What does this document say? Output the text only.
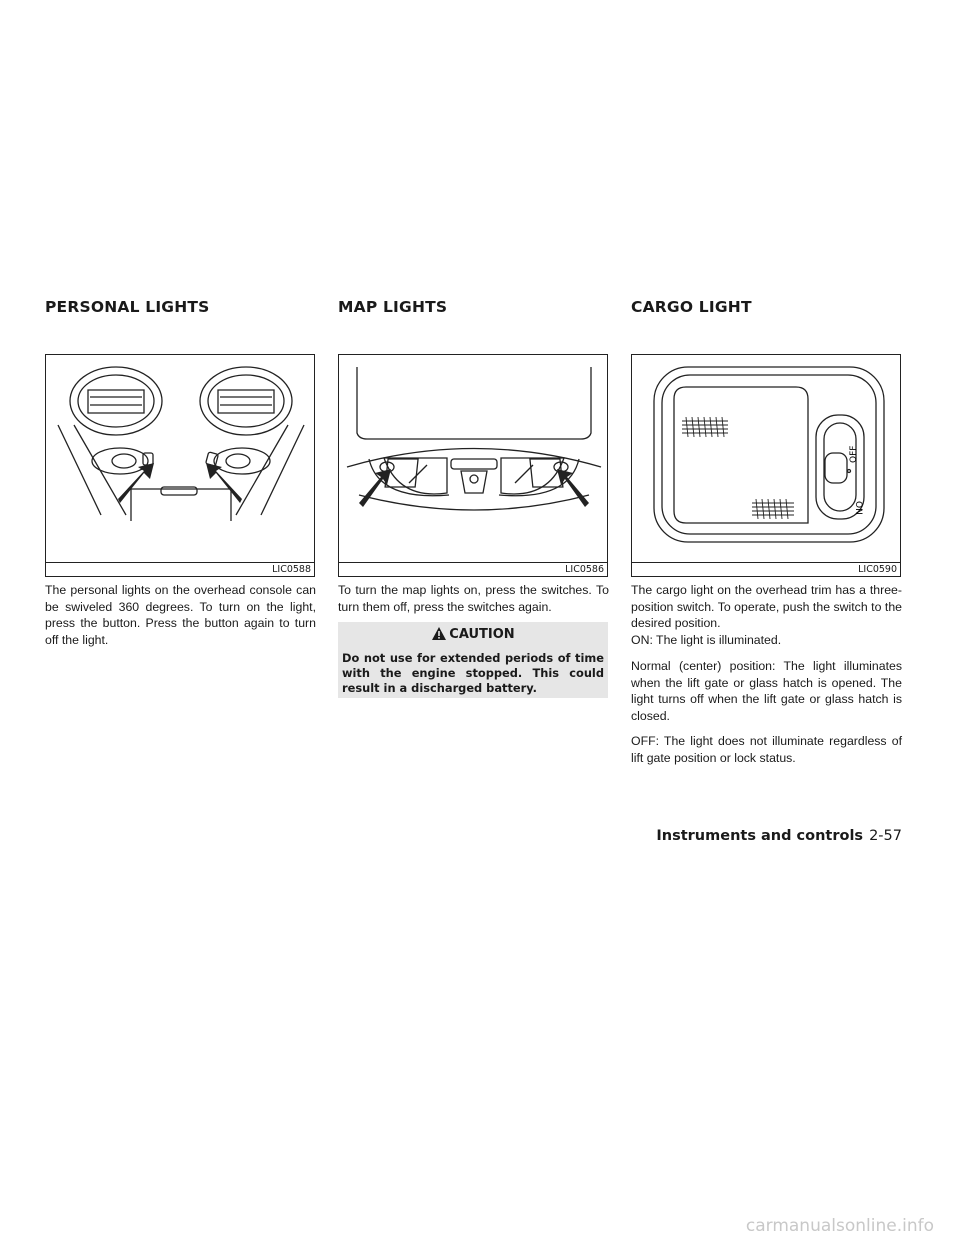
PERSONAL LIGHTS	MAP LIGHTS	CARGO LIGHT
LIC0588	LIC0586
OFF
ON
LIC0590

The personal lights on the overhead console can be swiveled 360 degrees. To turn on the light, press the button. Press the button again to turn off the light.

To turn the map lights on, press the switches. To turn them off, press the switches again.

CAUTION

Do not use for extended periods of time with the engine stopped. This could result in a discharged battery.

The cargo light on the overhead trim has a three-position switch. To operate, push the switch to the desired position.

ON: The light is illuminated.

Normal (center) position: The light illuminates when the lift gate or glass hatch is opened. The light turns off when the lift gate or glass hatch is closed.

OFF: The light does not illuminate regardless of lift gate position or lock status.

Instruments and controls 2-57
carmanualsonline.info
